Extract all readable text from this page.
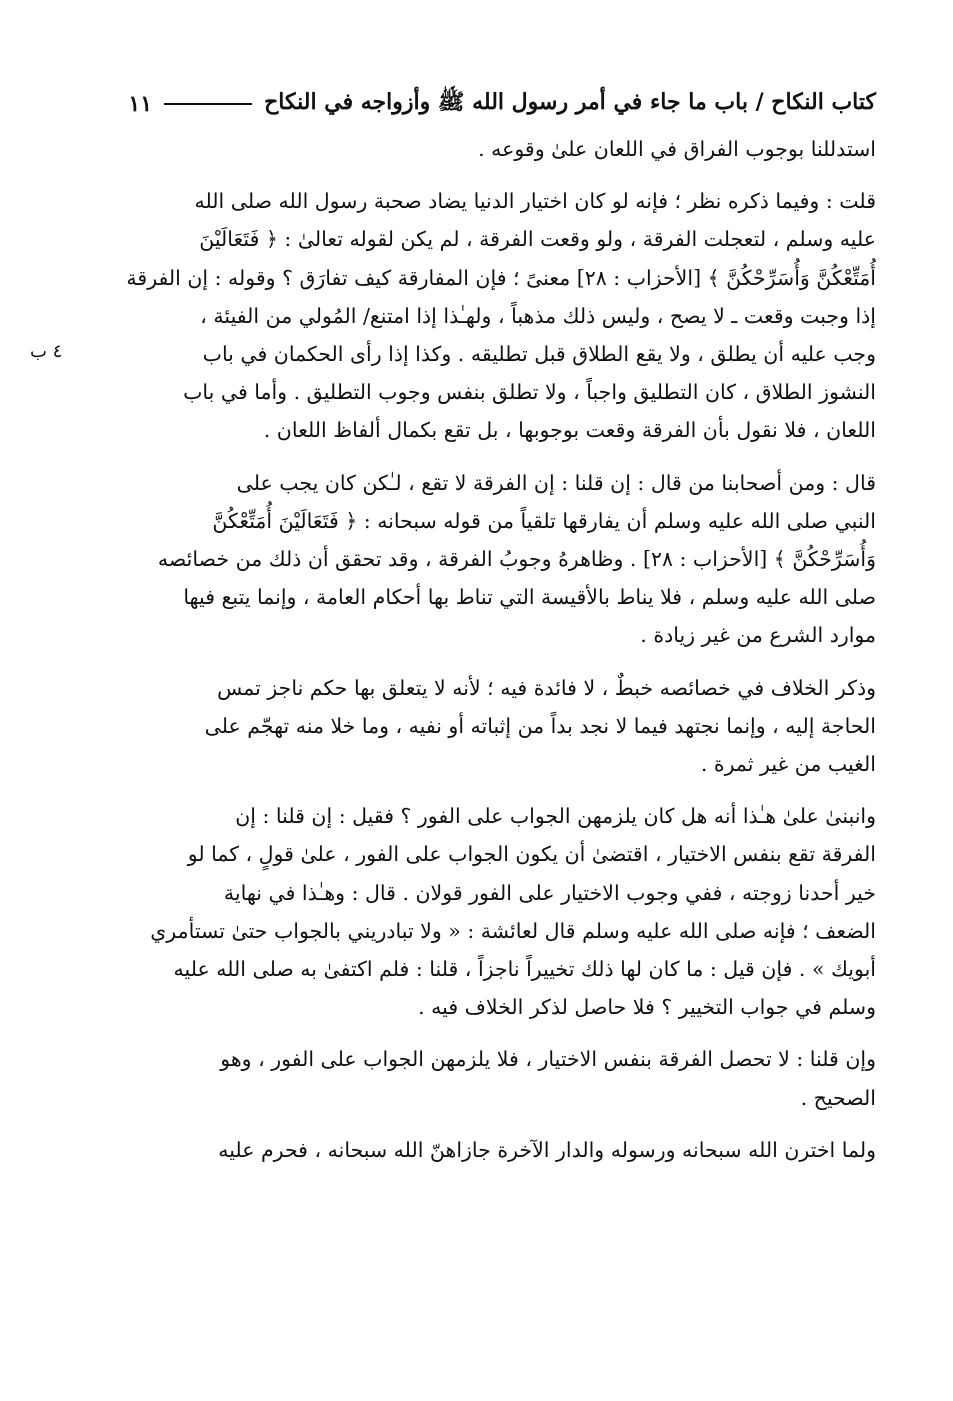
كتاب النكاح / باب ما جاء في أمر رسول الله ﷺ وأزواجه في النكاح
١١

استدللنا بوجوب الفراق في اللعان علىٰ وقوعه .

قلت : وفيما ذكره نظر ؛ فإنه لو كان اختيار الدنيا يضاد صحبة رسول الله صلى الله
عليه وسلم ، لتعجلت الفرقة ، ولو وقعت الفرقة ، لم يكن لقوله تعالىٰ : ﴿ فَتَعَالَيْنَ
أُمَتِّعْكُنَّ وَأُسَرِّحْكُنَّ ﴾ [الأحزاب : ٢٨] معنىً ؛ فإن المفارقة كيف تفارَق ؟ وقوله : إن الفرقة
إذا وجبت وقعت ـ لا يصح ، وليس ذلك مذهباً ، ولهـٰذا إذا امتنع/ المُولي من الفيئة ،
وجب عليه أن يطلق ، ولا يقع الطلاق قبل تطليقه . وكذا إذا رأى الحكمان في باب
النشوز الطلاق ، كان التطليق واجباً ، ولا تطلق بنفس وجوب التطليق . وأما في باب
اللعان ، فلا نقول بأن الفرقة وقعت بوجوبها ، بل تقع بكمال ألفاظ اللعان .

قال : ومن أصحابنا من قال : إن قلنا : إن الفرقة لا تقع ، لـٰكن كان يجب على
النبي صلى الله عليه وسلم أن يفارقها تلقياً من قوله سبحانه : ﴿ فَتَعَالَيْنَ أُمَتِّعْكُنَّ
وَأُسَرِّحْكُنَّ ﴾ [الأحزاب : ٢٨] . وظاهرهُ وجوبُ الفرقة ، وقد تحقق أن ذلك من خصائصه
صلى الله عليه وسلم ، فلا يناط بالأقيسة التي تناط بها أحكام العامة ، وإنما يتبع فيها
موارد الشرع من غير زيادة .

وذكر الخلاف في خصائصه خبطٌ ، لا فائدة فيه ؛ لأنه لا يتعلق بها حكم ناجز تمس
الحاجة إليه ، وإنما نجتهد فيما لا نجد بداً من إثباته أو نفيه ، وما خلا منه تهجّم على
الغيب من غير ثمرة .

وانبنىٰ علىٰ هـٰذا أنه هل كان يلزمهن الجواب على الفور ؟ فقيل : إن قلنا : إن
الفرقة تقع بنفس الاختيار ، اقتضىٰ أن يكون الجواب على الفور ، علىٰ قولٍ ، كما لو
خير أحدنا زوجته ، ففي وجوب الاختيار على الفور قولان . قال : وهـٰذا في نهاية
الضعف ؛ فإنه صلى الله عليه وسلم قال لعائشة : « ولا تبادريني بالجواب حتىٰ تستأمري
أبويك » . فإن قيل : ما كان لها ذلك تخييراً ناجزاً ، قلنا : فلم اكتفىٰ به صلى الله عليه
وسلم في جواب التخيير ؟ فلا حاصل لذكر الخلاف فيه .

وإن قلنا : لا تحصل الفرقة بنفس الاختيار ، فلا يلزمهن الجواب على الفور ، وهو
الصحيح .

ولما اخترن الله سبحانه ورسوله والدار الآخرة جازاهنّ الله سبحانه ، فحرم عليه

٤ ب
